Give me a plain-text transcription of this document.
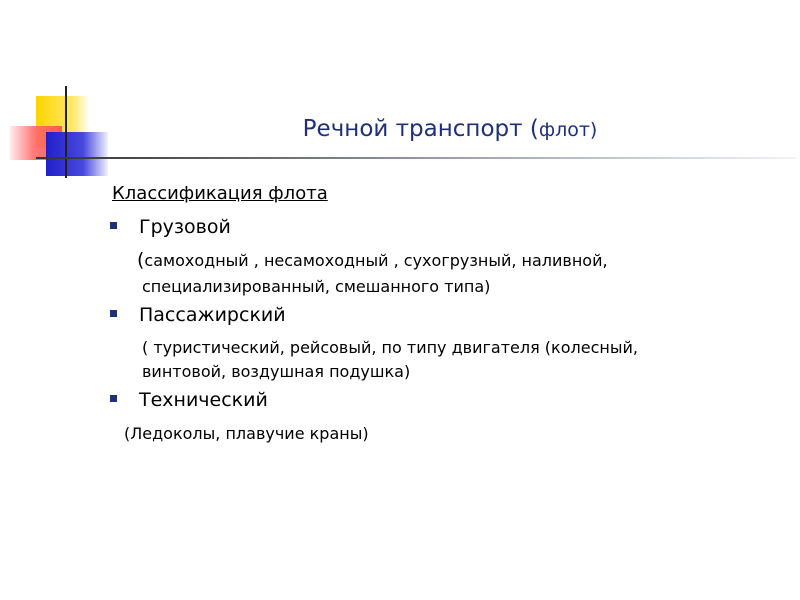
Речной транспорт (флот)
Классификация флота
Грузовой
(самоходный , несамоходный , сухогрузный, наливной,
специализированный, смешанного типа)
Пассажирский
( туристический, рейсовый, по типу двигателя (колесный,
винтовой, воздушная подушка)
Технический
(Ледоколы, плавучие краны)
